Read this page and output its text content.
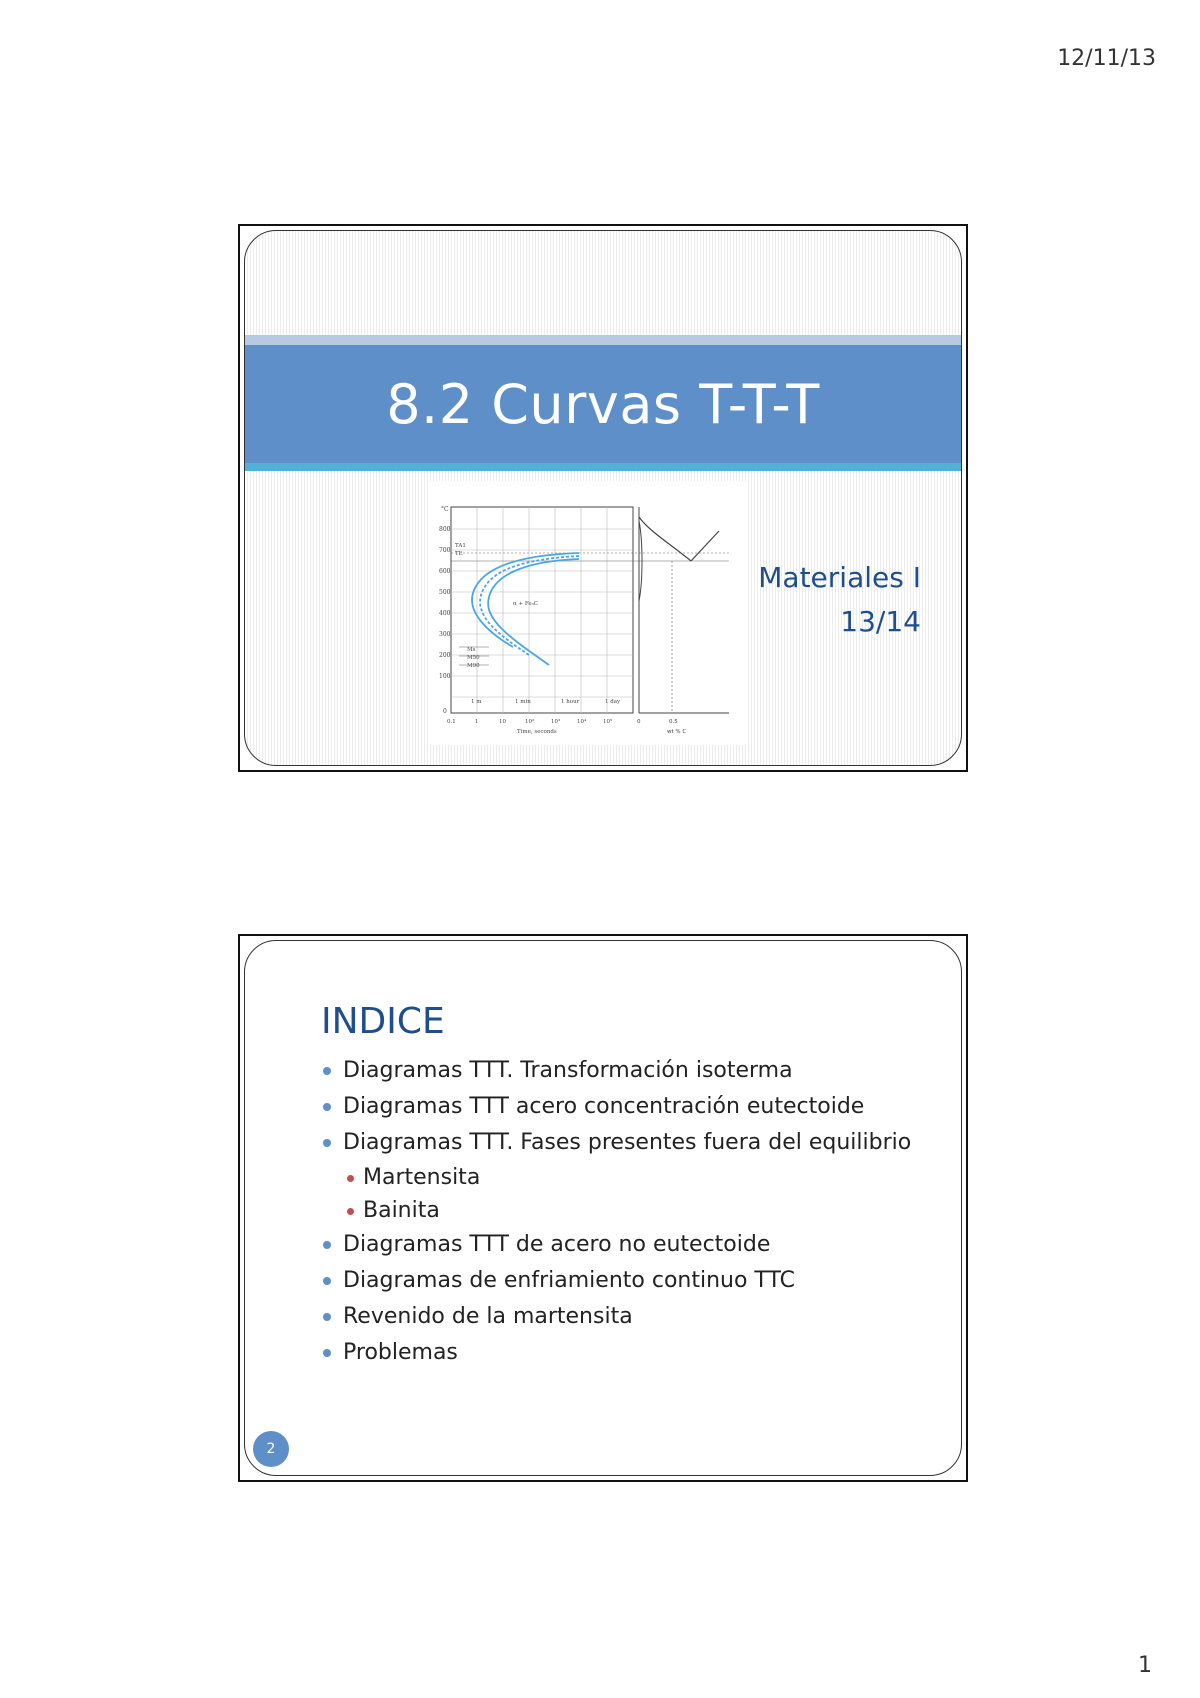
12/11/13
8.2 Curvas T-T-T
°C
800
700
600
500
400
300
200
100
0
0.1	1	10	10²	10³	10⁴	10⁵
Time, seconds
1 m	1 min	1 hour	1 day
TA1
TE
α + Fe₃C
Ms
M50
M90
0	0.5
wt % C
Materiales I
13/14
INDICE
Diagramas TTT. Transformación isoterma
Diagramas TTT acero concentración eutectoide
Diagramas TTT. Fases presentes fuera del equilibrio
Martensita
Bainita
Diagramas TTT de acero no eutectoide
Diagramas de enfriamiento continuo TTC
Revenido de la martensita
Problemas
2
1
